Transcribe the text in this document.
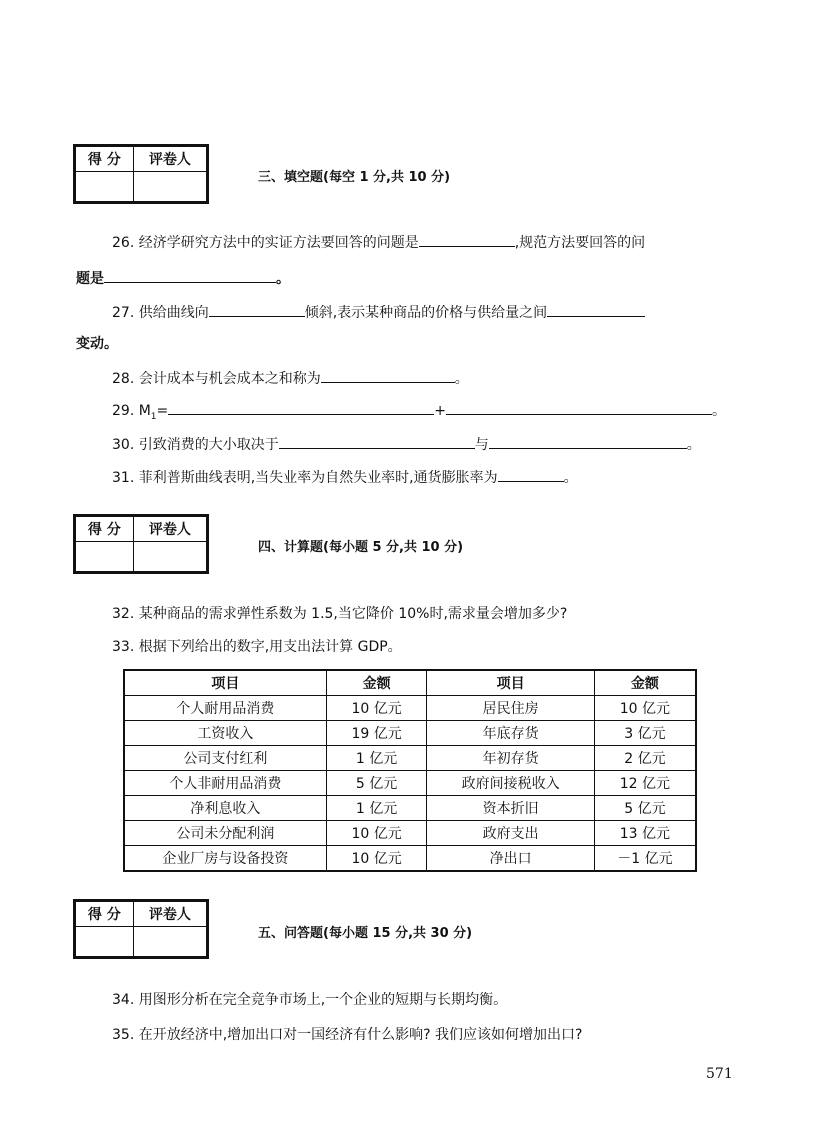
得 分	评卷人

三、填空题(每空 1 分,共 10 分)
26. 经济学研究方法中的实证方法要回答的问题是	,规范方法要回答的问
题是	。
27. 供给曲线向	倾斜,表示某种商品的价格与供给量之间
变动。
28. 会计成本与机会成本之和称为	。
29. $M_1=$	+	。
30. 引致消费的大小取决于	与	。
31. 菲利普斯曲线表明,当失业率为自然失业率时,通货膨胀率为	。
得 分	评卷人

四、计算题(每小题 5 分,共 10 分)
32. 某种商品的需求弹性系数为 1.5,当它降价 10%时,需求量会增加多少?
33. 根据下列给出的数字,用支出法计算 GDP。
项目	金额	项目	金额
个人耐用品消费	10 亿元	居民住房	10 亿元
工资收入	19 亿元	年底存货	3 亿元
公司支付红利	1 亿元	年初存货	2 亿元
个人非耐用品消费	5 亿元	政府间接税收入	12 亿元
净利息收入	1 亿元	资本折旧	5 亿元
公司未分配利润	10 亿元	政府支出	13 亿元
企业厂房与设备投资	10 亿元	净出口	－1 亿元
得 分	评卷人

五、问答题(每小题 15 分,共 30 分)
34. 用图形分析在完全竞争市场上,一个企业的短期与长期均衡。
35. 在开放经济中,增加出口对一国经济有什么影响? 我们应该如何增加出口?
571
